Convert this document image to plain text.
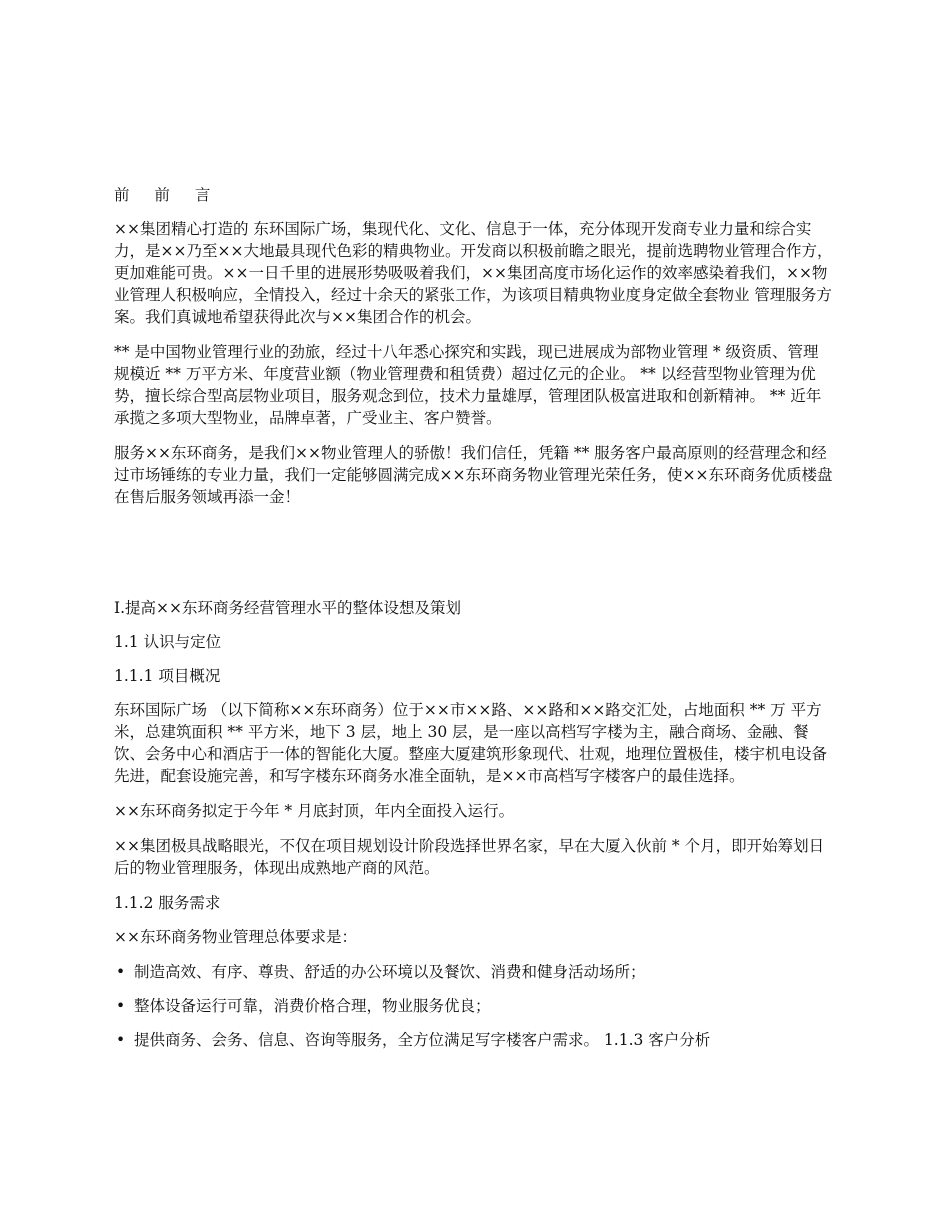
前 前 言

××集团精心打造的 东环国际广场，集现代化、文化、信息于一体，充分体现开发商专业力量和综合实力，是××乃至××大地最具现代色彩的精典物业。开发商以积极前瞻之眼光，提前选聘物业管理合作方，更加难能可贵。××一日千里的进展形势吸吸着我们，××集团高度市场化运作的效率感染着我们，××物业管理人积极响应，全情投入，经过十余天的紧张工作，为该项目精典物业度身定做全套物业 管理服务方案。我们真诚地希望获得此次与××集团合作的机会。

** 是中国物业管理行业的劲旅，经过十八年悉心探究和实践，现已进展成为部物业管理 * 级资质、管理规模近 ** 万平方米、年度营业额（物业管理费和租赁费）超过亿元的企业。 ** 以经营型物业管理为优势，擅长综合型高层物业项目，服务观念到位，技术力量雄厚，管理团队极富进取和创新精神。 ** 近年承揽之多项大型物业，品牌卓著，广受业主、客户赞誉。

服务××东环商务，是我们××物业管理人的骄傲！我们信任，凭籍 ** 服务客户最高原则的经营理念和经过市场锤练的专业力量，我们一定能够圆满完成××东环商务物业管理光荣任务，使××东环商务优质楼盘在售后服务领域再添一金！

Ⅰ.提高××东环商务经营管理水平的整体设想及策划
1.1 认识与定位
1.1.1 项目概况

东环国际广场 （以下简称××东环商务）位于××市××路、××路和××路交汇处，占地面积 ** 万 平方米，总建筑面积 ** 平方米，地下 3 层，地上 30 层，是一座以高档写字楼为主，融合商场、金融、餐饮、会务中心和酒店于一体的智能化大厦。整座大厦建筑形象现代、壮观，地理位置极佳，楼宇机电设备先进，配套设施完善，和写字楼东环商务水准全面轨，是××市高档写字楼客户的最佳选择。

××东环商务拟定于今年 * 月底封顶，年内全面投入运行。

××集团极具战略眼光，不仅在项目规划设计阶段选择世界名家，早在大厦入伙前 * 个月，即开始筹划日后的物业管理服务，体现出成熟地产商的风范。

1.1.2 服务需求

××东环商务物业管理总体要求是：

• 制造高效、有序、尊贵、舒适的办公环境以及餐饮、消费和健身活动场所；
• 整体设备运行可靠，消费价格合理，物业服务优良；
• 提供商务、会务、信息、咨询等服务，全方位满足写字楼客户需求。 1.1.3 客户分析
